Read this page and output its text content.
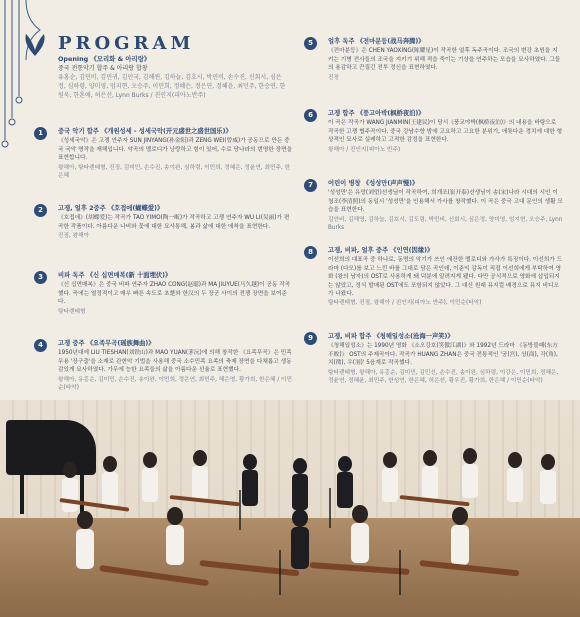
PROGRAM
Opening 《모리화 & 아리랑》
중국 전통악기 합주 & 아리랑 합창
유홍순, 김민비, 김민귀, 김인국, 김해윈, 김하늘, 김호시, 박민비, 손수진, 신회시, 심은정, 심하령, 양미영, 엄지현, 오승주, 이민희, 정혜은, 정은연, 정혜윤, 최민주, 한승연, 한원욱, 한혼애, 허은선, Lynn Burks / 진인지(피아노반주)
1	중국 악기 합주 《개원성세 - 성세국악(开元盛世之盛世国乐)》
《성세국악》은 고쟁 연주자 SUN JINYANG(孙金阳)과 ZENG WEI(曾威)가 공동으로 만든 중국 국악 명작을 재해입니다. 악곡의 멜로디가 낭랑하고 힘이 있어, 수로 당나라의 번영한 장면을 표현합니다.
왕해아, 탕타렌태형, 진징, 김미민, 손수진, 송이완, 심하령, 이민희, 정혜은, 정윤연, 최민주, 한은혜
2	고쟁, 얼후 2중주 《호접애(蝴蝶爱)》
《호접애》(胡蝶爱)는 작곡가 TAO YIMO(陶一畈)가 작곡하고 고쟁 연주자 WU LI(吴丽)가 편곡한 작품이다. 아름다운 나비와 꽃에 대한 묘사통해, 봄과 삶에 대한 애착을 표현한다.
진징, 왕해아
3	비파 독주 《신 십면매복(新 十面埋伏)》
《신 십면매복》은 중국 비파 연주자 ZHAO CONG(赵聪)과 MA JIUYUE(马久越)이 공동 작곡했다. 곡에는 열정적이고 매우 빠른 속도로 초楚와 한汉의 두 장군 사이의 전쟁 장면을 보여준다.
탕타렌태형
4	고쟁 중주 《요족무곡(瑶族舞曲)》
1950년대에 LIU TIESHAN(刘铁山)과 MAO YUAN(茅沅)에 의해 창작한 《요족무곡》은 민족 무용 '장구춤'을 소재로 관현악 기법을 사용해 중국 소수민족 요족의 축제 장면을 다채롭고 생동감있게 묘사하였다. 가무에 능한 요족들의 삶을 아름다운 선율로 표현했다.
왕해아, 유홍순, 김미민, 손수진, 송이완, 이민희, 정은연, 최민주, 혜은영, 황가희, 한은혜 / 이민순(타악)
5	얼후 독주 《전마분등(战马奔腾)》
《전마분등》은 CHEN YAOXING(陈耀星)이 작곡한 얼후 독주곡이다. 조국의 변강 초원을 지키는 기병 전사들의 조국을 지키기 위해 적을 죽이는 기상을 연주하는 모습을 묘사하였다. 그들의 용감하고 끈질긴 전투 정신을 표현하였다.
진징
6	고쟁 합주 《풍고아박(枫桥夜泊)》
이 곡은 작곡가 WANG JIANMIN(王建民)이 당시《풍교야박(枫桥夜泊)》의 내용을 바탕으로 작곡한 고쟁 협주곡이다. 중국 강남수향 밤에 고요하고 고요한 분위기, 애틋다운 경치에 대한 형상적인 묘사로 실레하고 고적한 감정을 표현한다.
왕해아 / 진인지(피아노 반주)
7	어린이 병창 《성성만(声声慢)》
'성성만'은 유망(刘望)선생님이 작곡하여, 희개조(崔开泰)선생님이 송(宋)나라 시대의 시인 이청조(李清照)의 동일시 '성성만'을 인용해서 가사를 창작했다. 이 곡은 중국 고대 문인의 생활 모습을 표현한다.
김안비, 김해영, 김하늘, 김호시, 김도림, 박민비, 신회시, 심은정, 양미영, 엄지현, 오승주, Lynn Burks
8	고쟁, 비파, 얼후 중주 《인연(因缘)》
이선희의 대표곡 중 하나로, 동명의 악기가 쓰인 애잔한 멜로디와 가사가 특징이다. 이선희가 드라마 (다모)를 보고 느낀 바를 그대로 담은 곡인데, 이준익 감독이 직접 이선희에게 부탁하여 영화 (왕의 남자)의 OST로 사용하게 돼 덕분에 알려지게 됐다. 다만 공식적으로 영화에 삽입되지는 않았고, 정식 발매된 OST에도 포함되지 않았다. 그 대신 원래 뮤지컬 배경으로 뮤지 비디오가 나왔다.
탕타렌태형, 진징, 왕해아 / 진인지(피아노 반주), 이민순(타악)
9	고쟁, 비파 합주 《청해일성소(沧海一声笑)》
《청해일성소》는 1990년 영화 《소오강호(笑傲江湖)》와 1992년 드라마 《동방불패(东方不败)》 OST의 주제곡이다. 작곡가 HUANG ZHAN은 중국 전통적인 '궁(宫), 상(商), 각(角), 치(徵), 우(羽)' 5음계로 작곡했다.
탕타렌태형, 왕해아, 유홍순, 김미민, 김민선, 손수진, 송이완, 심하령, 이강은, 이민희, 정혜은, 정윤연, 정혜윤, 최민주, 한성연, 한은혜, 허은선, 황우진, 황가희, 한은혜 / 이민순(타악)
